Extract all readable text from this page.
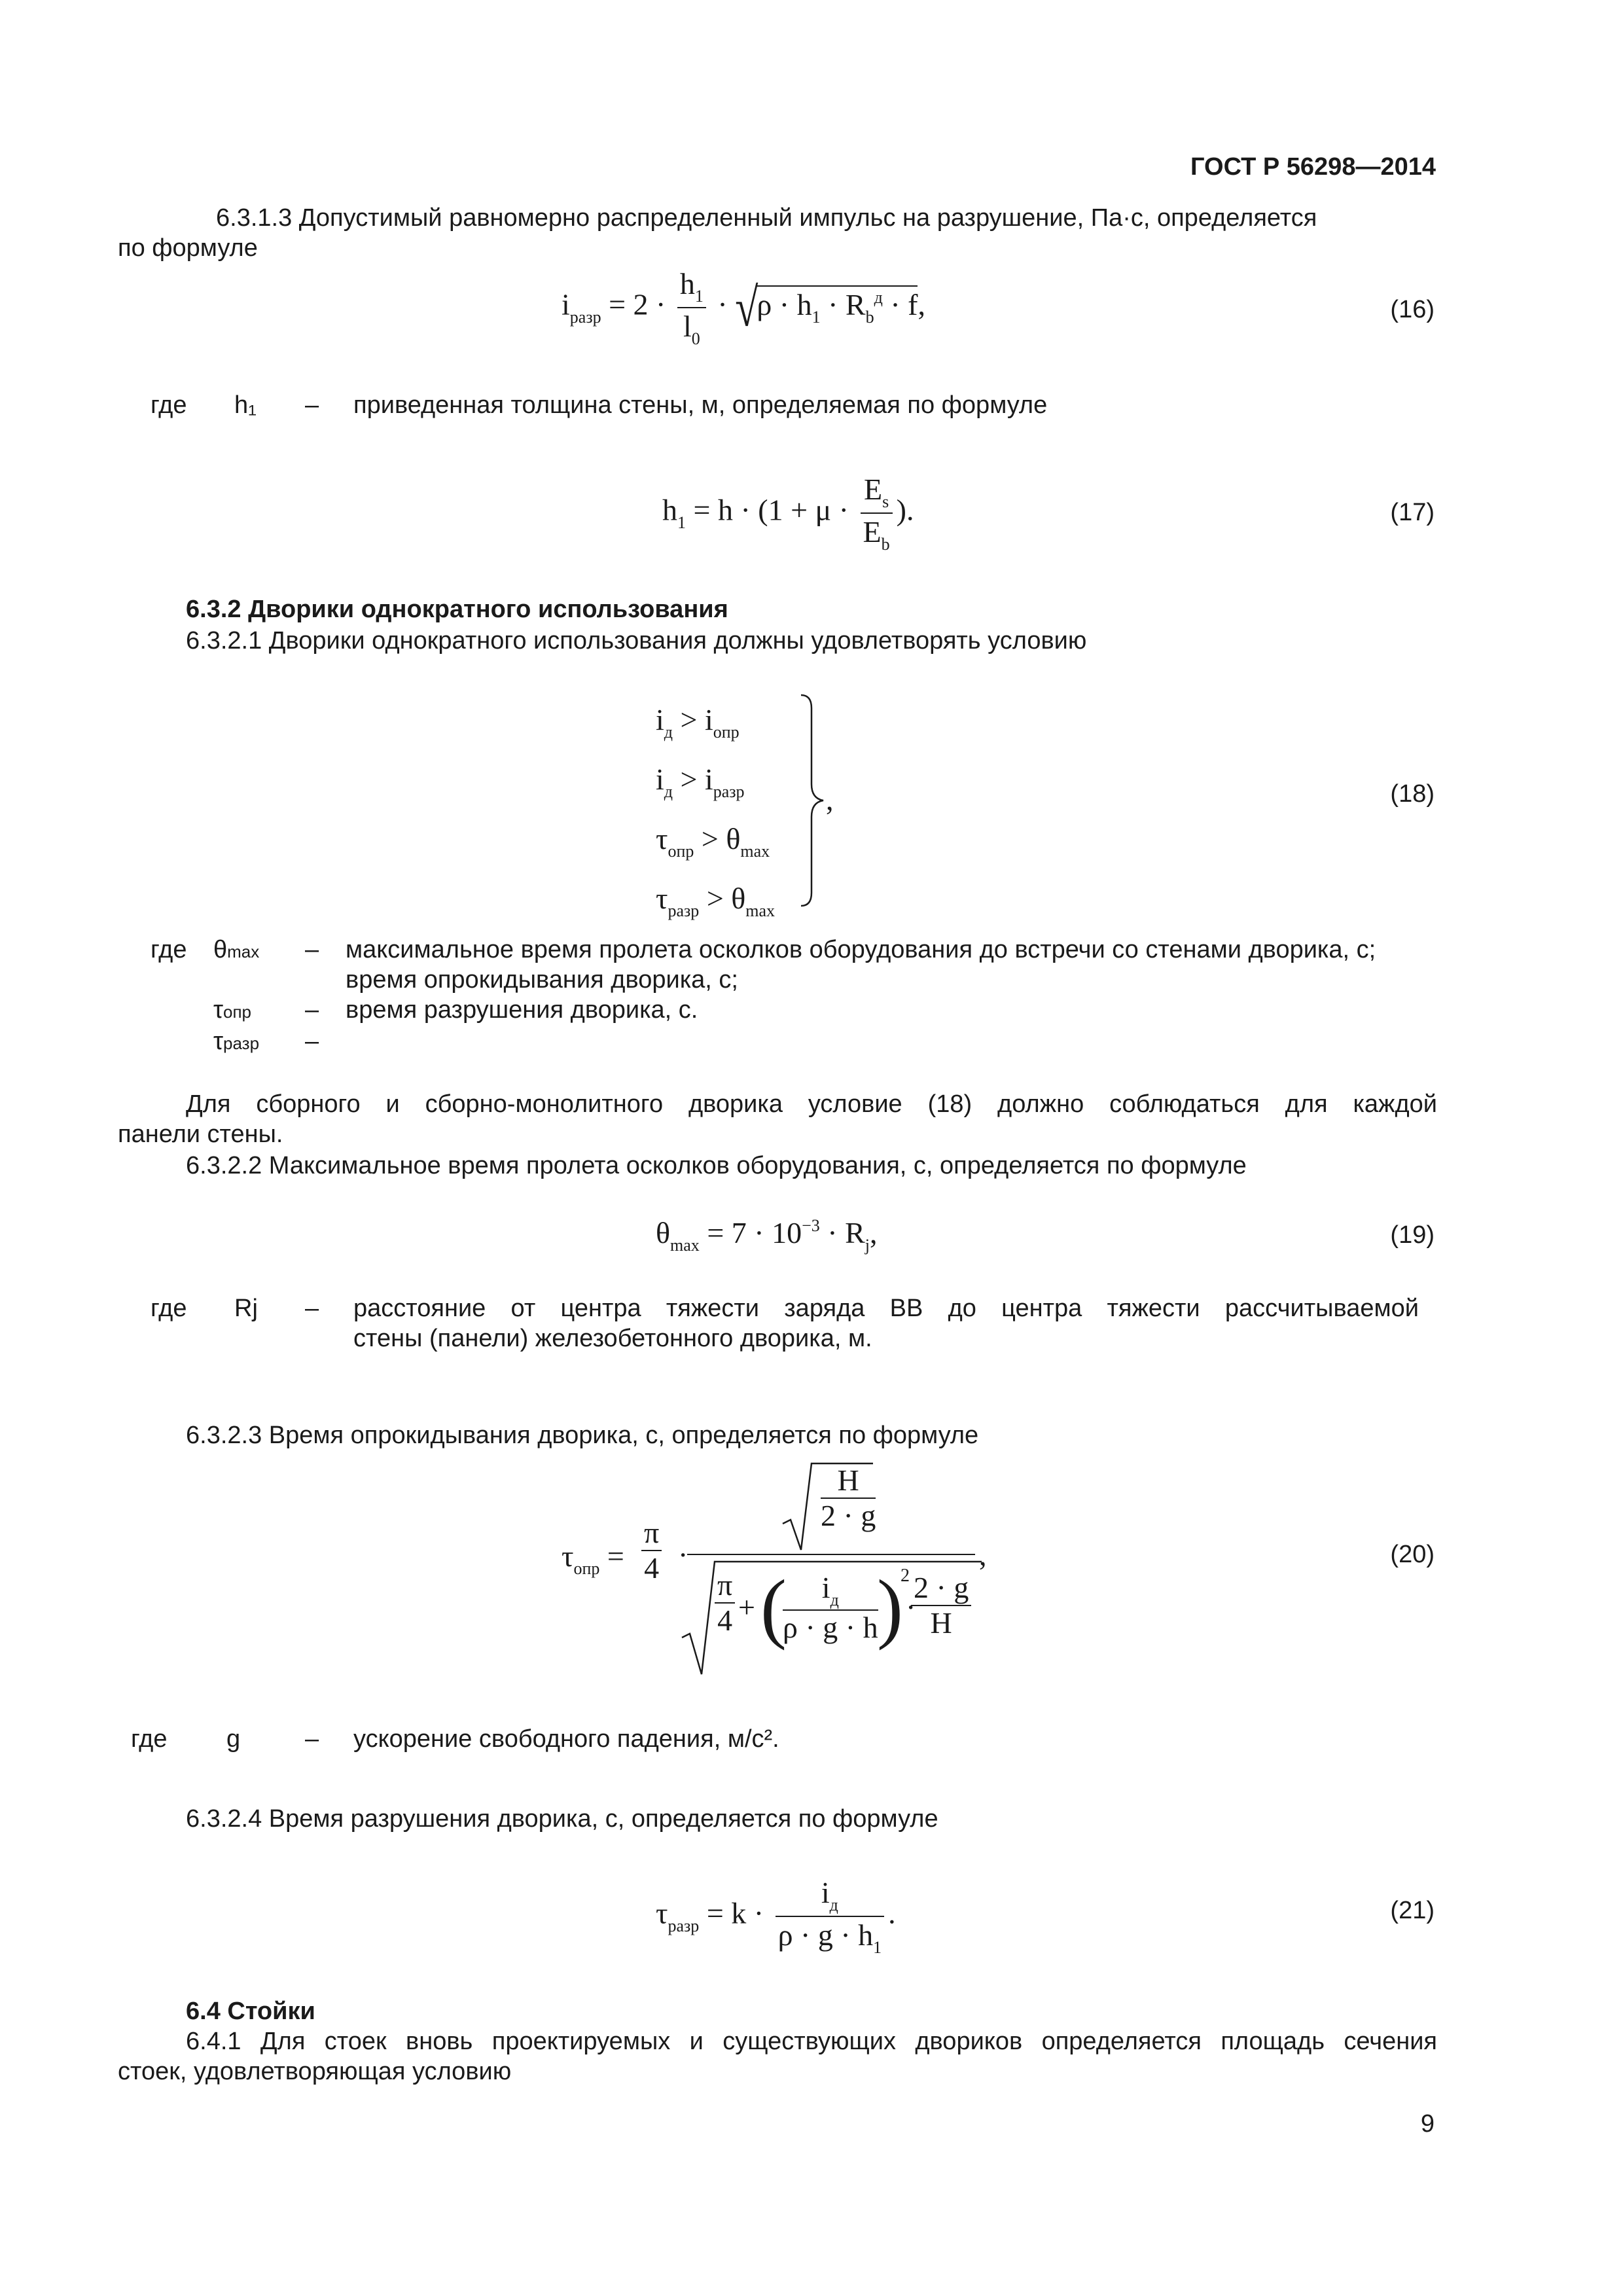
ГОСТ Р 56298—2014
6.3.1.3 Допустимый равномерно распределенный импульс на разрушение, Па·с, определяется
по формуле
$i_{разр} = 2 \cdot \frac{h_1}{l_0} \cdot √\rho \cdot h_1 \cdot R_b^д \cdot f$,	(16)
где h₁ – приведенная толщина стены, м, определяемая по формуле
$h_1 = h \cdot (1 + \mu \cdot \frac{E_s}{E_b}$ ).	(17)
6.3.2 Дворики однократного использования
6.3.2.1 Дворики однократного использования должны удовлетворять условию
$i_д > i_{опр}$
$i_д > i_{разр}$
$\tau_{опр} > \theta_{max}$
$\tau_{разр} > \theta_{max}$
,	(18)
где θmax – максимальное время пролета осколков оборудования до встречи со стенами дворика, с;
время опрокидывания дворика, с;
τопр – время разрушения дворика, с.
τразр –
Для сборного и сборно-монолитного дворика условие (18) должно соблюдаться для каждой
панели стены.
6.3.2.2 Максимальное время пролета осколков оборудования, с, определяется по формуле
$\theta_{max} = 7 \cdot 10^{-3} \cdot R_j$,	(19)
где Rj – расстояние от центра тяжести заряда ВВ до центра тяжести рассчитываемой
стены (панели) железобетонного дворика, м.
6.3.2.3 Время опрокидывания дворика, с, определяется по формуле
$\tau_{опр}$ =
π
4 ·
H
2 · g
π
4 + (	$i_д$
ρ · g · h
)
2
·
2 · g
H
,	(20)
где g	– ускорение свободного падения, м/с².
6.3.2.4 Время разрушения дворика, с, определяется по формуле
$\tau_{разр} = k \cdot \frac{i_д}{\rho \cdot g \cdot h_1}$ .	(21)
6.4 Стойки
6.4.1 Для стоек вновь проектируемых и существующих двориков определяется площадь сечения
стоек, удовлетворяющая условию
9
